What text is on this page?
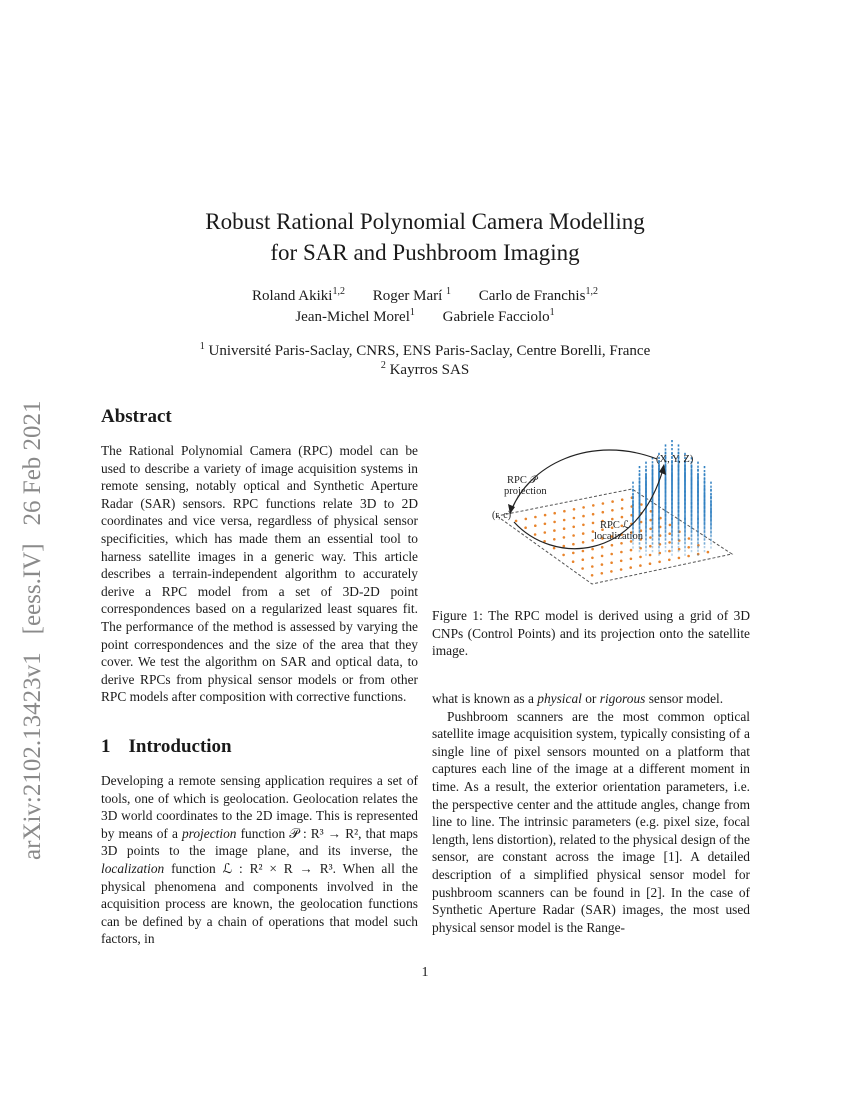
arXiv:2102.13423v1[eess.IV]26 Feb 2021
Robust Rational Polynomial Camera Modelling
for SAR and Pushbroom Imaging
Roland Akiki$^{1,2}$ Roger Marí $^1$ Carlo de Franchis$^{1,2}$
Jean-Michel Morel$^1$ Gabriele Facciolo$^1$
$^1$ Université Paris-Saclay, CNRS, ENS Paris-Saclay, Centre Borelli, France
$^2$ Kayrros SAS
Abstract
The Rational Polynomial Camera (RPC) model can be used to describe a variety of image acquisition systems in remote sensing, notably optical and Synthetic Aperture Radar (SAR) sensors. RPC functions relate 3D to 2D coordinates and vice versa, regardless of physical sensor specificities, which has made them an essential tool to harness satellite images in a generic way. This article describes a terrain-independent algorithm to accurately derive a RPC model from a set of 3D-2D point correspondences based on a regularized least squares fit. The performance of the method is assessed by varying the point correspondences and the size of the area that they cover. We test the algorithm on SAR and optical data, to derive RPCs from physical sensor models or from other RPC models after composition with corrective functions.
1 Introduction
Developing a remote sensing application requires a set of tools, one of which is geolocation. Geolocation relates the 3D world coordinates to the 2D image. This is represented by means of a projection function 𝒫 : R³ → R², that maps 3D points to the image plane, and its inverse, the localization function ℒ : R² × R → R³. When all the physical phenomena and components involved in the acquisition process are known, the geolocation functions can be defined by a chain of operations that model such factors, in
RPC 𝒫
projection
RPC ℒ
localization
(X, Y, Z)
(r, c)
Figure 1: The RPC model is derived using a grid of 3D CNPs (Control Points) and its projection onto the satellite image.

what is known as a physical or rigorous sensor model.

Pushbroom scanners are the most common optical satellite image acquisition system, typically consisting of a single line of pixel sensors mounted on a platform that captures each line of the image at a different moment in time. As a result, the exterior orientation parameters, i.e. the perspective center and the attitude angles, change from line to line. The intrinsic parameters (e.g. pixel size, focal length, lens distortion), related to the physical design of the sensor, are constant across the image [1]. A detailed description of a simplified physical sensor model for pushbroom scanners can be found in [2]. In the case of Synthetic Aperture Radar (SAR) images, the most used physical sensor model is the Range-

1
